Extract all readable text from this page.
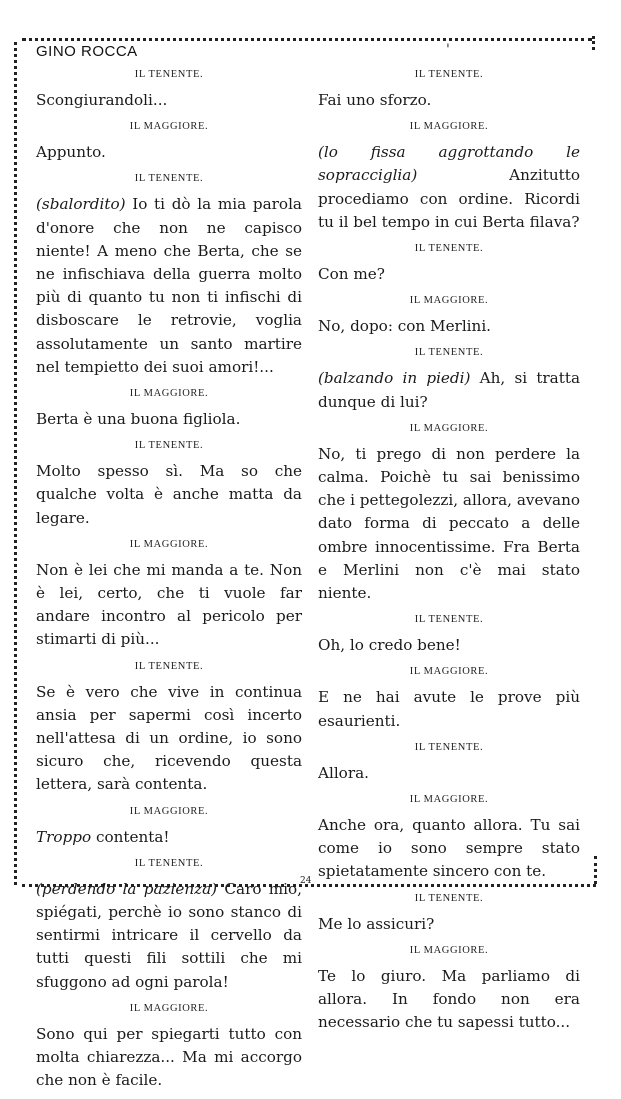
GINO ROCCA	'
IL TENENTE.

Scongiurandoli...

IL MAGGIORE.

Appunto.

IL TENENTE.

(sbalordito) Io ti dò la mia parola d'onore che non ne capisco niente! A meno che Berta, che se ne infischiava della guerra molto più di quanto tu non ti infischi di disboscare le retrovie, voglia assolutamente un santo martire nel tempietto dei suoi amori!...

IL MAGGIORE.

Berta è una buona figliola.

IL TENENTE.

Molto spesso sì. Ma so che qualche volta è anche matta da legare.

IL MAGGIORE.

Non è lei che mi manda a te. Non è lei, certo, che ti vuole far andare incontro al pericolo per stimarti di più...

IL TENENTE.

Se è vero che vive in continua ansia per sapermi così incerto nell'attesa di un ordine, io sono sicuro che, ricevendo questa lettera, sarà contenta.

IL MAGGIORE.

Troppo contenta!

IL TENENTE.

(perdendo la pazienza) Caro mio, spiégati, perchè io sono stanco di sentirmi intricare il cervello da tutti questi fili sottili che mi sfuggono ad ogni parola!

IL MAGGIORE.

Sono qui per spiegarti tutto con molta chiarezza... Ma mi accorgo che non è facile.

IL TENENTE.

Fai uno sforzo.

IL MAGGIORE.

(lo fissa aggrottando le sopracciglia) Anzitutto procediamo con ordine. Ricordi tu il bel tempo in cui Berta filava?

IL TENENTE.

Con me?

IL MAGGIORE.

No, dopo: con Merlini.

IL TENENTE.

(balzando in piedi) Ah, si tratta dunque di lui?

IL MAGGIORE.

No, ti prego di non perdere la calma. Poichè tu sai benissimo che i pettegolezzi, allora, avevano dato forma di peccato a delle ombre innocentissime. Fra Berta e Merlini non c'è mai stato niente.

IL TENENTE.

Oh, lo credo bene!

IL MAGGIORE.

E ne hai avute le prove più esaurienti.

IL TENENTE.

Allora.

IL MAGGIORE.

Anche ora, quanto allora. Tu sai come io sono sempre stato spietatamente sincero con te.

IL TENENTE.

Me lo assicuri?

IL MAGGIORE.

Te lo giuro. Ma parliamo di allora. In fondo non era necessario che tu sapessi tutto...

24
